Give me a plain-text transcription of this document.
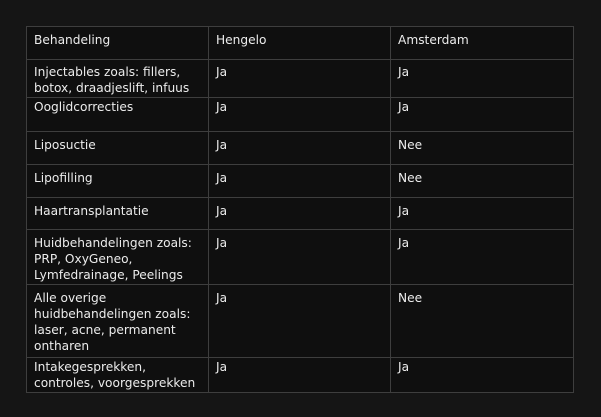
Behandeling	Hengelo	Amsterdam

Injectables zoals: fillers, botox, draadjeslift, infuus	Ja	Ja

Ooglidcorrecties	Ja	Ja

Liposuctie	Ja	Nee

Lipofilling	Ja	Nee

Haartransplantatie	Ja	Ja

Huidbehandelingen zoals: PRP, OxyGeneo, Lymfedrainage, Peelings	Ja	Ja

Alle overige huidbehandelingen zoals: laser, acne, permanent ontharen	Ja	Nee

Intakegesprekken, controles, voorgesprekken	Ja	Ja
